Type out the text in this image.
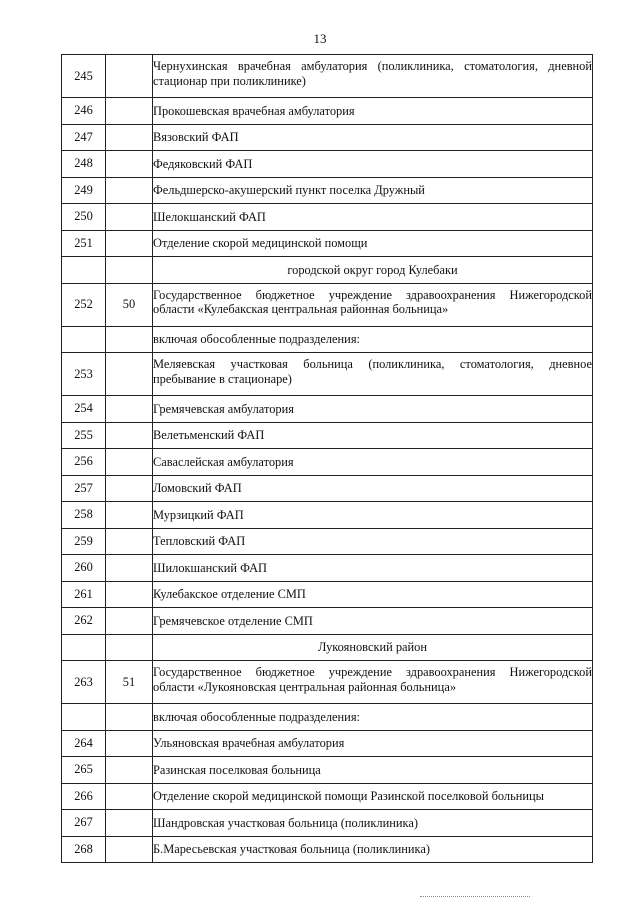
13
245		Чернухинская врачебная амбулатория (поликлиника, стоматология, дневной стационар при поликлинике)
246		Прокошевская врачебная амбулатория
247		Вязовский ФАП
248		Федяковский ФАП
249		Фельдшерско-акушерский пункт поселка Дружный
250		Шелокшанский ФАП
251		Отделение скорой медицинской помощи
		городской округ город Кулебаки
252	50	Государственное бюджетное учреждение здравоохранения Нижегородской области «Кулебакская центральная районная больница»
		включая обособленные подразделения:
253		Меляевская участковая больница (поликлиника, стоматология, дневное пребывание в стационаре)
254		Гремячевская амбулатория
255		Велетьменский ФАП
256		Саваслейская амбулатория
257		Ломовский ФАП
258		Мурзицкий ФАП
259		Тепловский ФАП
260		Шилокшанский ФАП
261		Кулебакское отделение СМП
262		Гремячевское отделение СМП
		Лукояновский район
263	51	Государственное бюджетное учреждение здравоохранения Нижегородской области «Лукояновская центральная районная больница»
		включая обособленные подразделения:
264		Ульяновская врачебная амбулатория
265		Разинская поселковая больница
266		Отделение скорой медицинской помощи Разинской поселковой больницы
267		Шандровская участковая больница (поликлиника)
268		Б.Маресьевская участковая больница (поликлиника)
